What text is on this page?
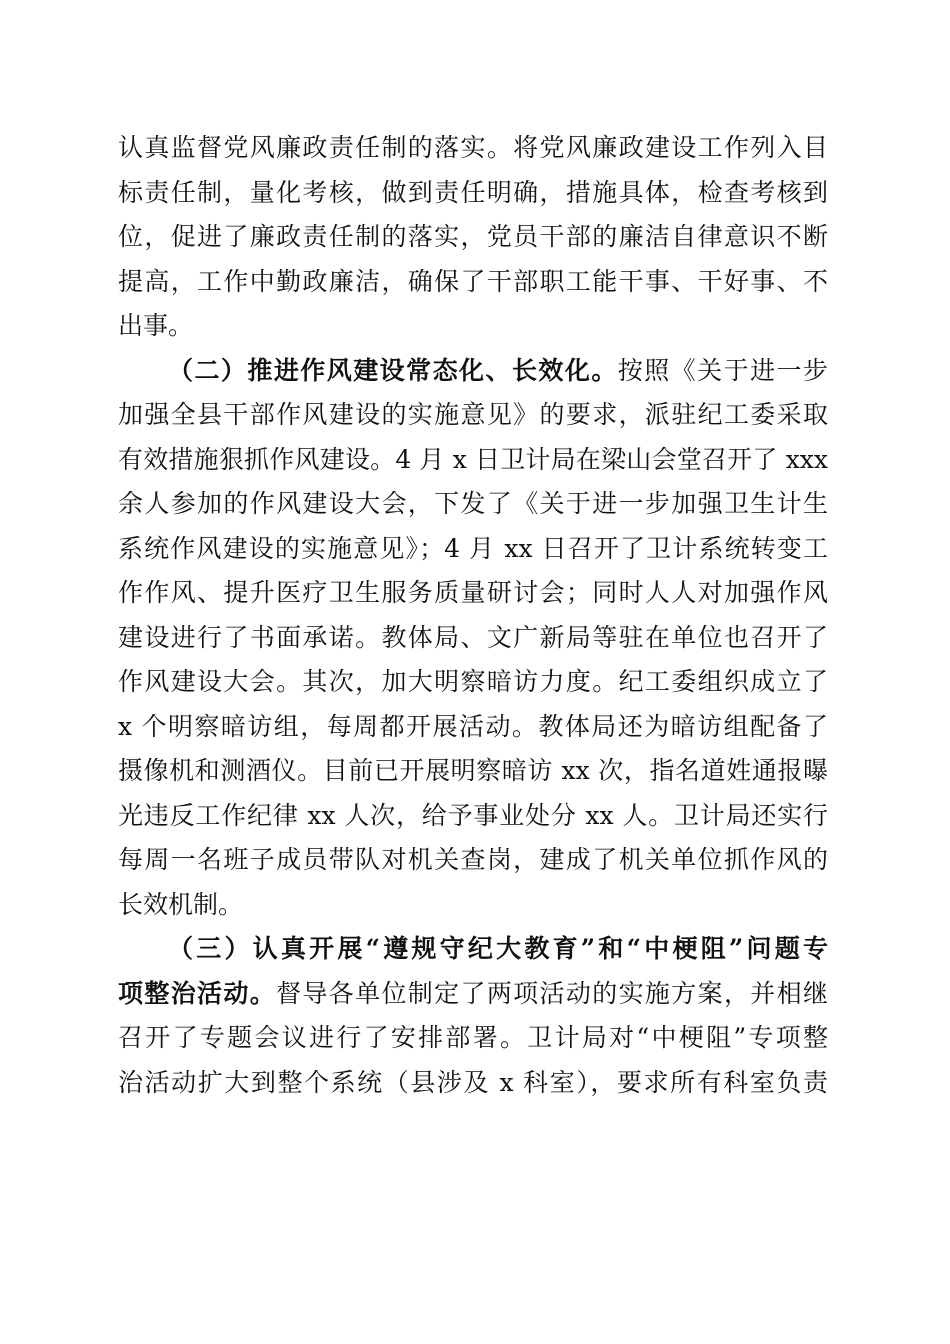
认真监督党风廉政责任制的落实。将党风廉政建设工作列入目
标责任制，量化考核，做到责任明确，措施具体，检查考核到
位，促进了廉政责任制的落实，党员干部的廉洁自律意识不断
提高，工作中勤政廉洁，确保了干部职工能干事、干好事、不
出事。
（二）推进作风建设常态化、长效化。按照《关于进一步
加强全县干部作风建设的实施意见》的要求，派驻纪工委采取
有效措施狠抓作风建设。4 月 x 日卫计局在梁山会堂召开了 xxx
余人参加的作风建设大会，下发了《关于进一步加强卫生计生
系统作风建设的实施意见》；4 月 xx 日召开了卫计系统转变工
作作风、提升医疗卫生服务质量研讨会；同时人人对加强作风
建设进行了书面承诺。教体局、文广新局等驻在单位也召开了
作风建设大会。其次，加大明察暗访力度。纪工委组织成立了
x 个明察暗访组，每周都开展活动。教体局还为暗访组配备了
摄像机和测酒仪。目前已开展明察暗访 xx 次，指名道姓通报曝
光违反工作纪律 xx 人次，给予事业处分 xx 人。卫计局还实行
每周一名班子成员带队对机关查岗，建成了机关单位抓作风的
长效机制。
（三）认真开展“遵规守纪大教育”和“中梗阻”问题专
项整治活动。督导各单位制定了两项活动的实施方案，并相继
召开了专题会议进行了安排部署。卫计局对“中梗阻”专项整
治活动扩大到整个系统（县涉及 x 科室），要求所有科室负责
